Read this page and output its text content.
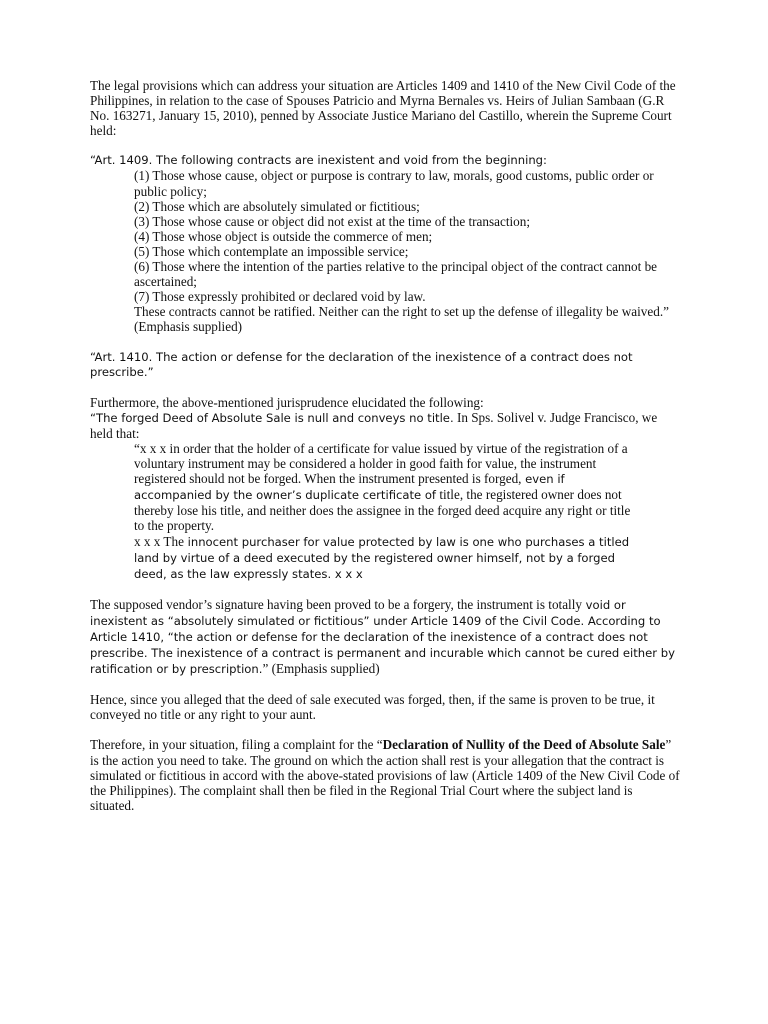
The legal provisions which can address your situation are Articles 1409 and 1410 of the New Civil Code of the Philippines, in relation to the case of Spouses Patricio and Myrna Bernales vs. Heirs of Julian Sambaan (G.R No. 163271, January 15, 2010), penned by Associate Justice Mariano del Castillo, wherein the Supreme Court held:

“Art. 1409. The following contracts are inexistent and void from the beginning:

(1) Those whose cause, object or purpose is contrary to law, morals, good customs, public order or public policy;

(2) Those which are absolutely simulated or fictitious;

(3) Those whose cause or object did not exist at the time of the transaction;

(4) Those whose object is outside the commerce of men;

(5) Those which contemplate an impossible service;

(6) Those where the intention of the parties relative to the principal object of the contract cannot be ascertained;

(7) Those expressly prohibited or declared void by law.

These contracts cannot be ratified. Neither can the right to set up the defense of illegality be waived.” (Emphasis supplied)

“Art. 1410. The action or defense for the declaration of the inexistence of a contract does not prescribe.”

Furthermore, the above-mentioned jurisprudence elucidated the following:

“The forged Deed of Absolute Sale is null and conveys no title. In Sps. Solivel v. Judge Francisco, we held that:

“x x x in order that the holder of a certificate for value issued by virtue of the registration of a voluntary instrument may be considered a holder in good faith for value, the instrument registered should not be forged. When the instrument presented is forged, even if accompanied by the owner’s duplicate certificate of title, the registered owner does not thereby lose his title, and neither does the assignee in the forged deed acquire any right or title to the property.

x x x The innocent purchaser for value protected by law is one who purchases a titled land by virtue of a deed executed by the registered owner himself, not by a forged deed, as the law expressly states. x x x

The supposed vendor’s signature having been proved to be a forgery, the instrument is totally void or inexistent as “absolutely simulated or fictitious” under Article 1409 of the Civil Code. According to Article 1410, “the action or defense for the declaration of the inexistence of a contract does not prescribe. The inexistence of a contract is permanent and incurable which cannot be cured either by ratification or by prescription.” (Emphasis supplied)

Hence, since you alleged that the deed of sale executed was forged, then, if the same is proven to be true, it conveyed no title or any right to your aunt.

Therefore, in your situation, filing a complaint for the “Declaration of Nullity of the Deed of Absolute Sale” is the action you need to take. The ground on which the action shall rest is your allegation that the contract is simulated or fictitious in accord with the above-stated provisions of law (Article 1409 of the New Civil Code of the Philippines). The complaint shall then be filed in the Regional Trial Court where the subject land is situated.
